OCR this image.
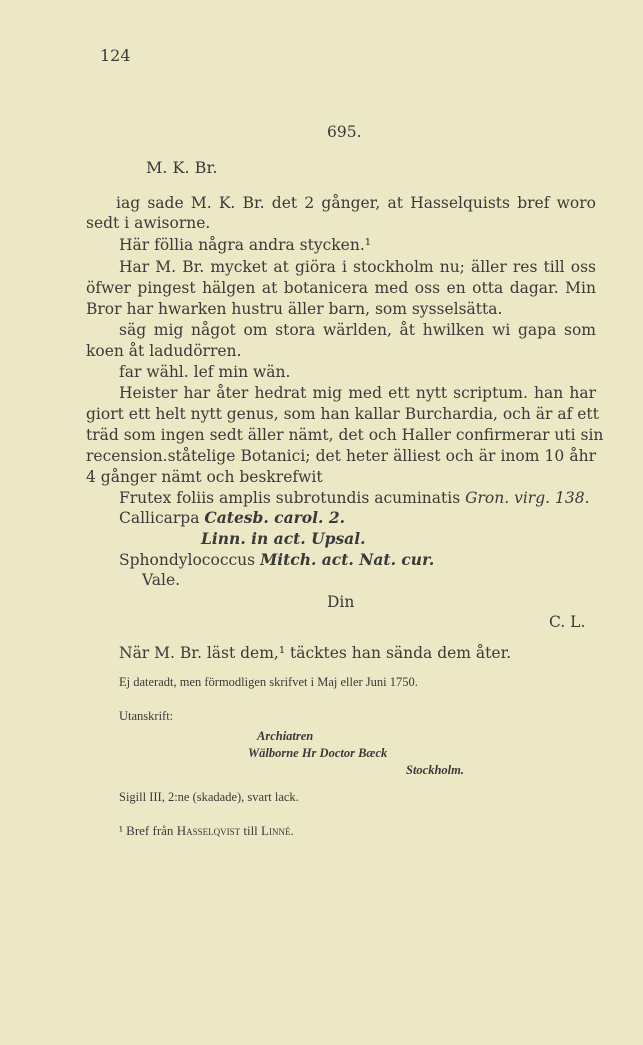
124
695.
M. K. Br.
iag sade M. K. Br. det 2 gånger, at Hasselquists bref woro
sedt i awisorne.
Här föllia några andra stycken.¹
Har M. Br. mycket at giöra i stockholm nu; äller res till oss
öfwer pingest hälgen at botanicera med oss en otta dagar. Min
Bror har hwarken hustru äller barn, som sysselsätta.
säg mig något om stora wärlden, åt hwilken wi gapa som
koen åt ladudörren.
far wähl. lef min wän.
Heister har åter hedrat mig med ett nytt scriptum. han har
giort ett helt nytt genus, som han kallar Burchardia, och är af ett
träd som ingen sedt äller nämt, det och Haller confirmerar uti sin
recension.ståtelige Botanici; det heter älliest och är inom 10 åhr
4 gånger nämt och beskrefwit
Frutex foliis amplis subrotundis acuminatis Gron. virg. 138.
Callicarpa Catesb. carol. 2.
Linn. in act. Upsal.
Sphondylococcus Mitch. act. Nat. cur.
Vale.
Din
C. L.
När M. Br. läst dem,¹ täcktes han sända dem åter.
Ej dateradt, men förmodligen skrifvet i Maj eller Juni 1750.
Utanskrift:
Archiatren
Wälborne Hr Doctor Bæck
Stockholm.
Sigill III, 2:ne (skadade), svart lack.
¹ Bref från Hasselqvist till Linné.
